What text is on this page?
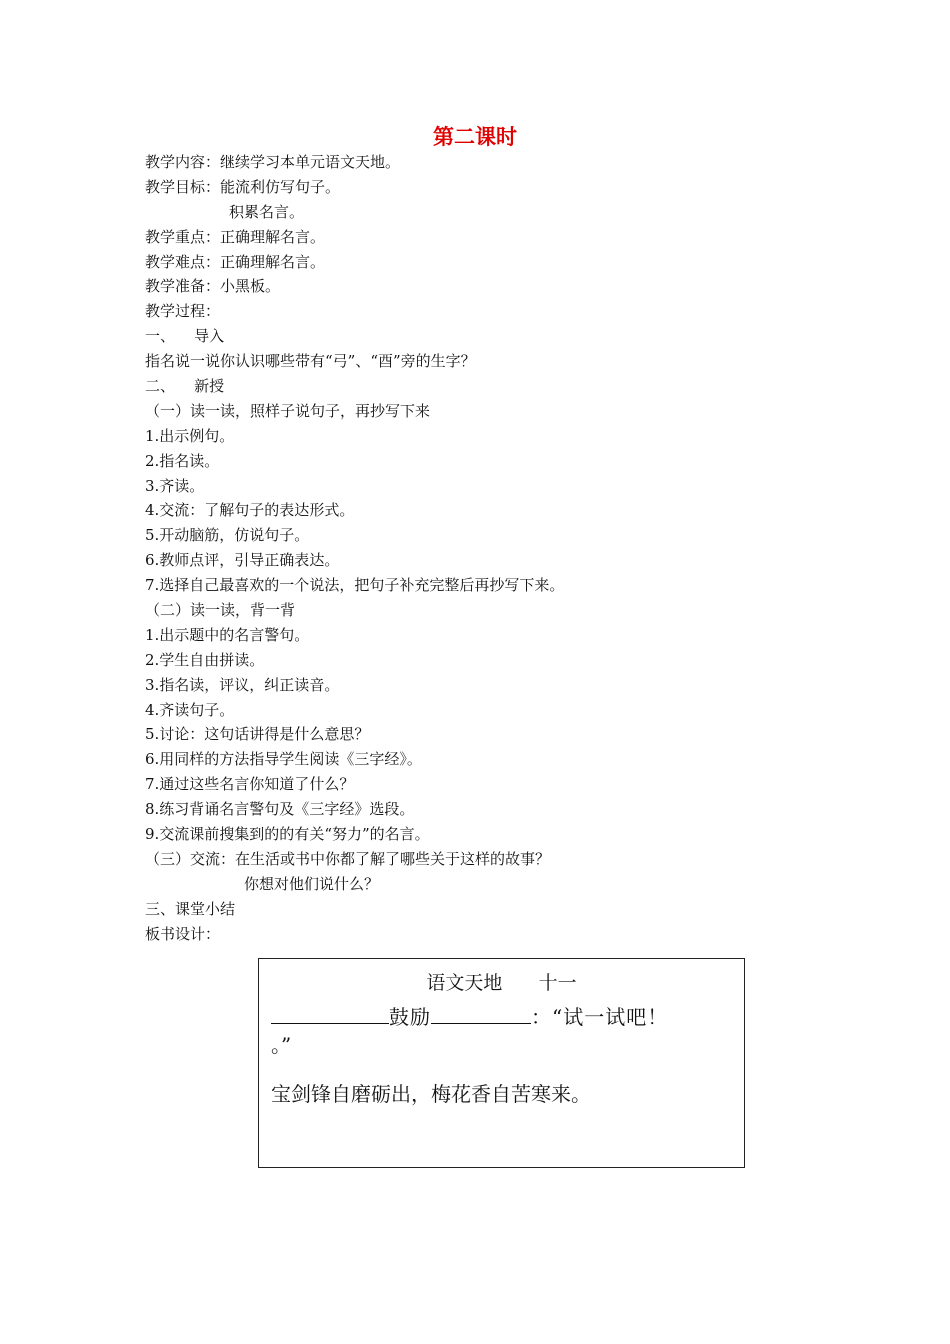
第二课时
教学内容：继续学习本单元语文天地。
教学目标：能流利仿写句子。
积累名言。
教学重点：正确理解名言。
教学难点：正确理解名言。
教学准备：小黑板。
教学过程：
一、    导入
指名说一说你认识哪些带有“弓”、“酉”旁的生字？
二、    新授
（一）读一读，照样子说句子，再抄写下来
1.出示例句。
2.指名读。
3.齐读。
4.交流：了解句子的表达形式。
5.开动脑筋，仿说句子。
6.教师点评，引导正确表达。
7.选择自己最喜欢的一个说法，把句子补充完整后再抄写下来。
（二）读一读，背一背
1.出示题中的名言警句。
2.学生自由拼读。
3.指名读，评议，纠正读音。
4.齐读句子。
5.讨论：这句话讲得是什么意思？
6.用同样的方法指导学生阅读《三字经》。
7.通过这些名言你知道了什么？
8.练习背诵名言警句及《三字经》选段。
9.交流课前搜集到的的有关“努力”的名言。
（三）交流：在生活或书中你都了解了哪些关于这样的故事？
你想对他们说什么？
三、课堂小结
板书设计：
语文天地      十一
鼓励	：“试一试吧！
。”
宝剑锋自磨砺出，梅花香自苦寒来。
